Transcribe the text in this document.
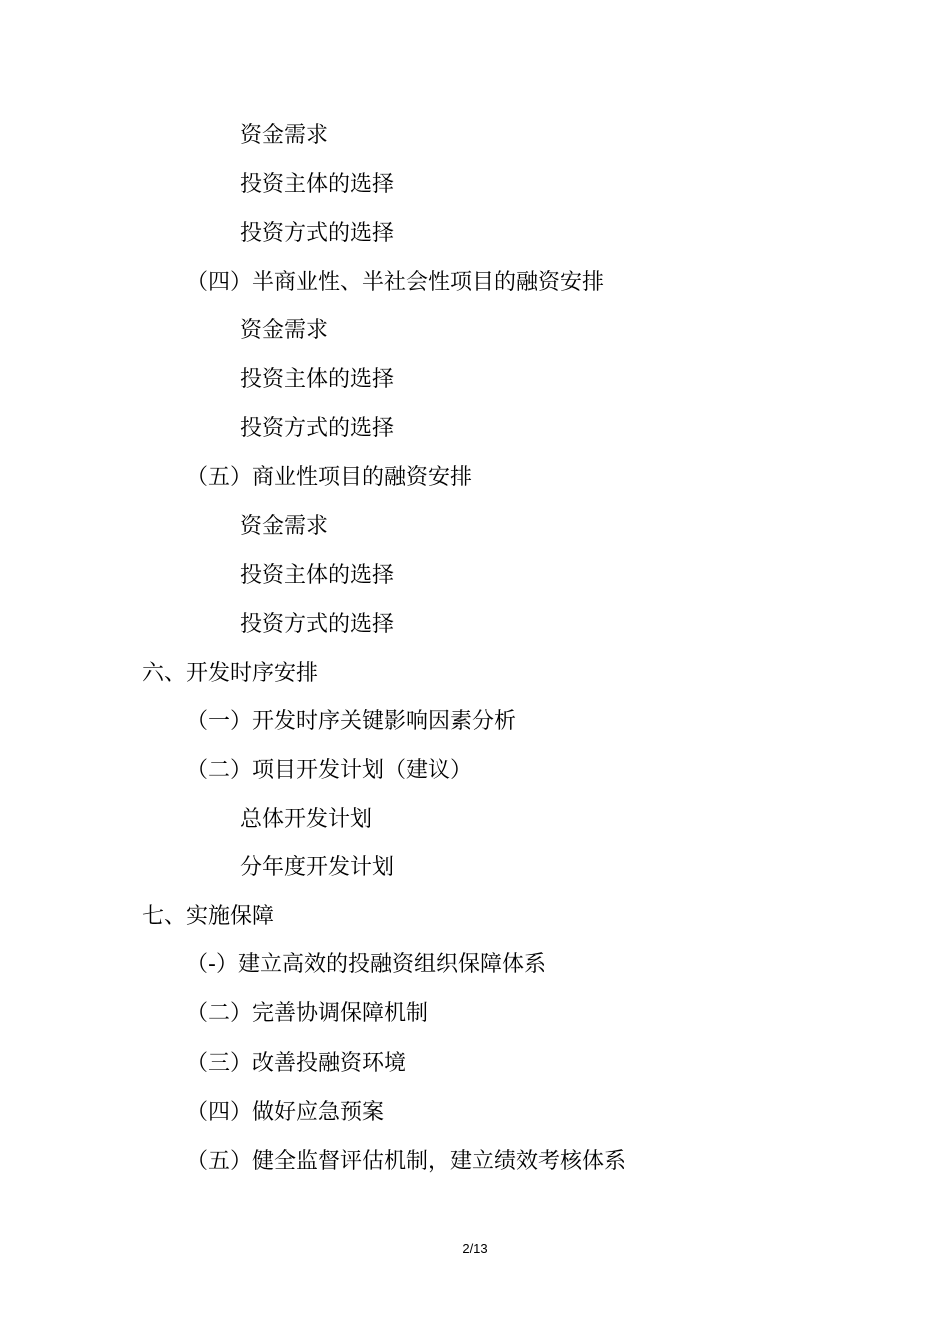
资金需求
投资主体的选择
投资方式的选择
（四）半商业性、半社会性项目的融资安排
资金需求
投资主体的选择
投资方式的选择
（五）商业性项目的融资安排
资金需求
投资主体的选择
投资方式的选择
六、开发时序安排
（一）开发时序关键影响因素分析
（二）项目开发计划（建议）
总体开发计划
分年度开发计划
七、实施保障
（-）建立高效的投融资组织保障体系
（二）完善协调保障机制
（三）改善投融资环境
（四）做好应急预案
（五）健全监督评估机制，建立绩效考核体系
2/13
